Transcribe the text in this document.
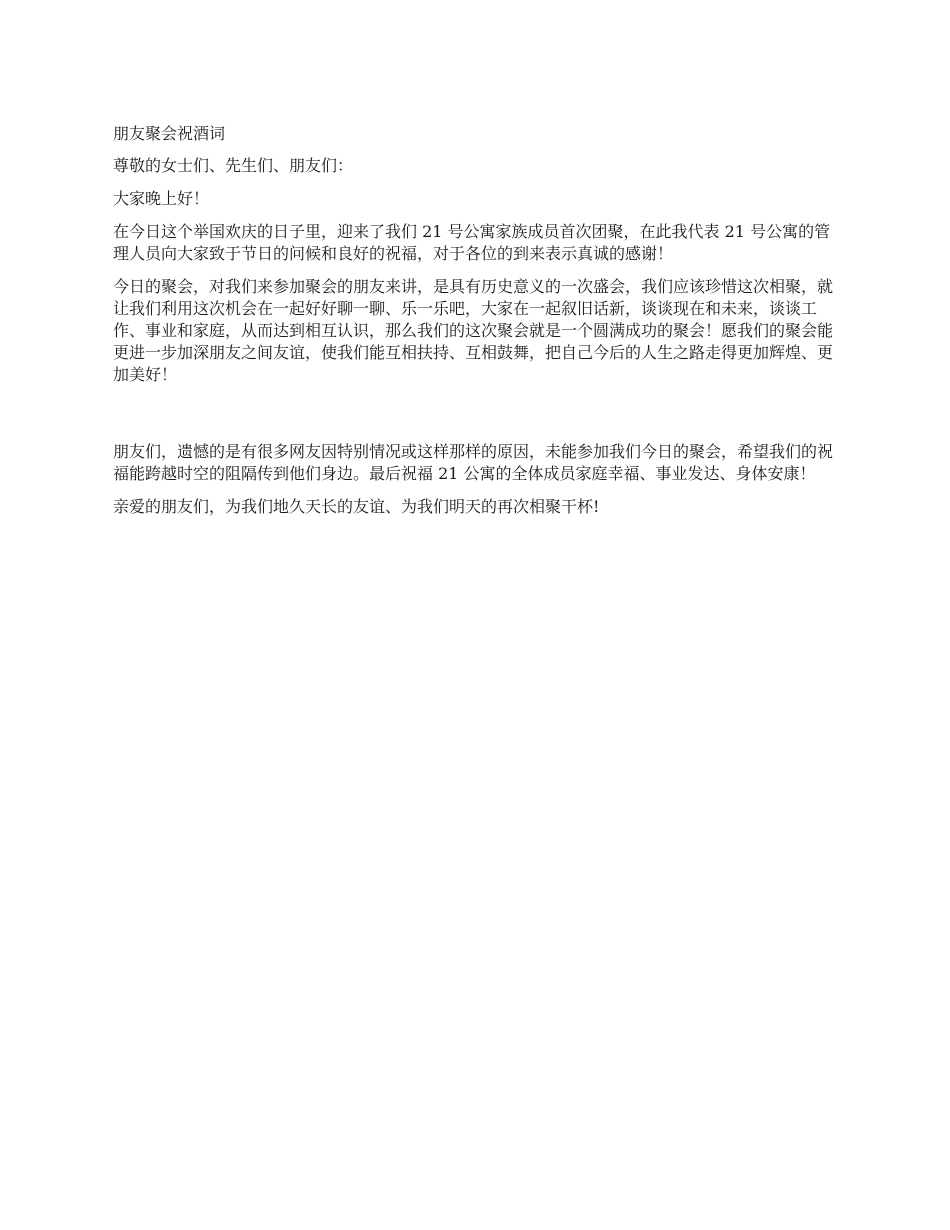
朋友聚会祝酒词

尊敬的女士们、先生们、朋友们：

大家晚上好！

在今日这个举国欢庆的日子里，迎来了我们 21 号公寓家族成员首次团聚，在此我代表 21 号公寓的管理人员向大家致于节日的问候和良好的祝福，对于各位的到来表示真诚的感谢！

今日的聚会，对我们来参加聚会的朋友来讲，是具有历史意义的一次盛会，我们应该珍惜这次相聚，就让我们利用这次机会在一起好好聊一聊、乐一乐吧，大家在一起叙旧话新，谈谈现在和未来，谈谈工作、事业和家庭，从而达到相互认识，那么我们的这次聚会就是一个圆满成功的聚会！愿我们的聚会能更进一步加深朋友之间友谊，使我们能互相扶持、互相鼓舞，把自己今后的人生之路走得更加辉煌、更加美好！

朋友们，遗憾的是有很多网友因特别情况或这样那样的原因，未能参加我们今日的聚会，希望我们的祝福能跨越时空的阻隔传到他们身边。最后祝福 21 公寓的全体成员家庭幸福、事业发达、身体安康！

亲爱的朋友们，为我们地久天长的友谊、为我们明天的再次相聚干杯!
